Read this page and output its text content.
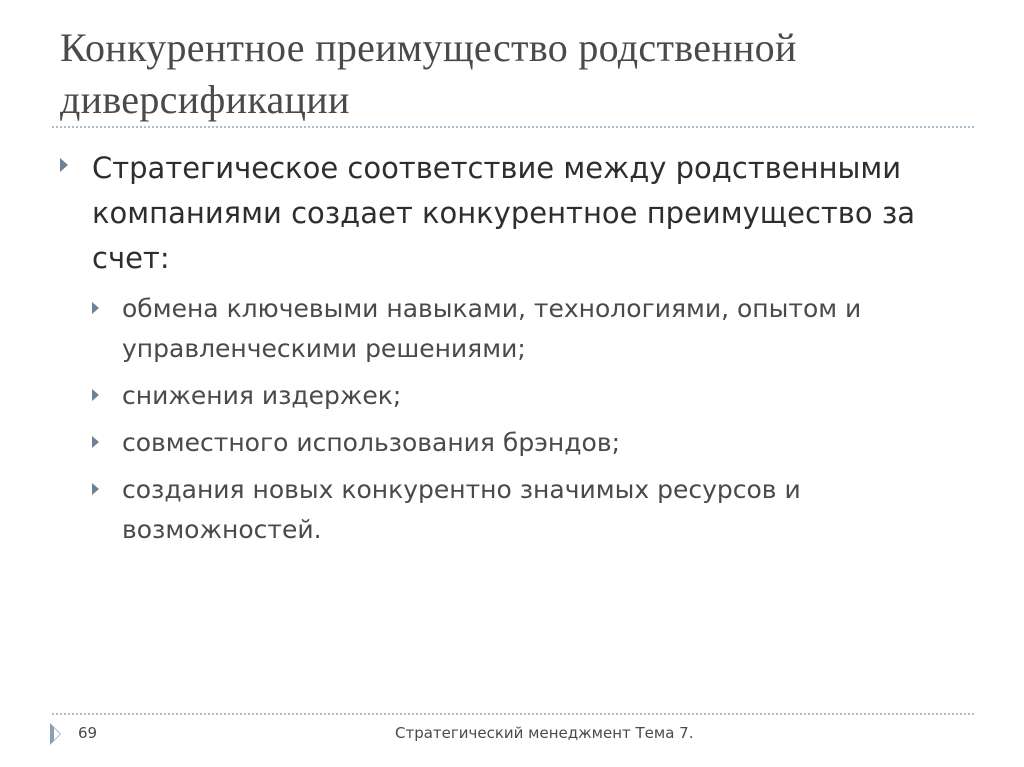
Конкурентное преимущество родственной диверсификации
Стратегическое соответствие между родственными компаниями создает конкурентное преимущество за счет:
обмена ключевыми навыками, технологиями, опытом и управленческими решениями;
снижения издержек;
совместного использования брэндов;
создания новых конкурентно значимых ресурсов и возможностей.
69	Стратегический менеджмент Тема 7.
